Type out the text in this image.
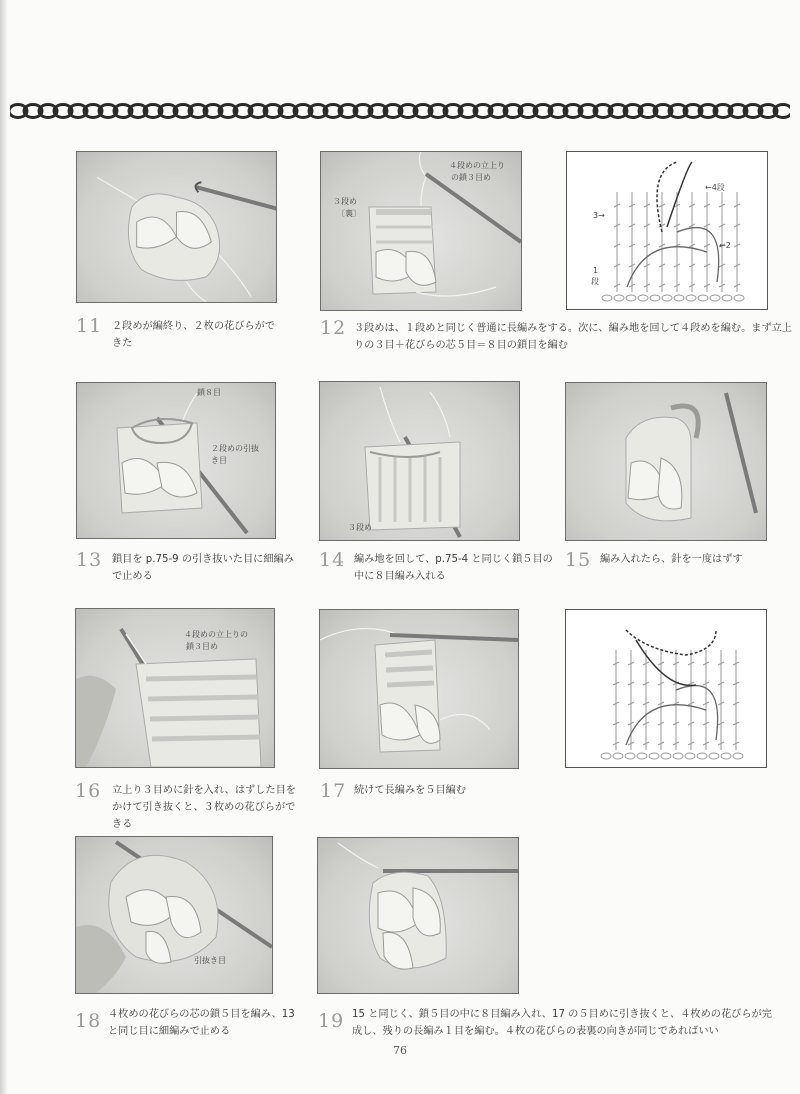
11 ２段めが編終り、２枚の花びらができた
４段めの立上り
の鎖３目め
３段め
〔裏〕
12 ３段めは、１段めと同じく普通に長編みをする。次に、編み地を回して４段めを編む。まず立上りの３目＋花びらの芯５目＝８目の鎖目を編む
←4段
3→
←2
1
段
鎖８目
２段めの引抜
き目
13 鎖目を p.75-9 の引き抜いた目に細編みで止める
３段め
14 編み地を回して、p.75-4 と同じく鎖５目の中に８目編み入れる
15 編み入れたら、針を一度はずす
４段めの立上りの
鎖３目め
16 立上り３目めに針を入れ、はずした目をかけて引き抜くと、３枚めの花びらができる
17 続けて長編みを５目編む
引抜き目
18 ４枚めの花びらの芯の鎖５目を編み、13 と同じ目に細編みで止める	19 15 と同じく、鎖５目の中に８目編み入れ、17 の５目めに引き抜くと、４枚めの花びらが完成し、残りの長編み１目を編む。４枚の花びらの表裏の向きが同じであればいい
76
